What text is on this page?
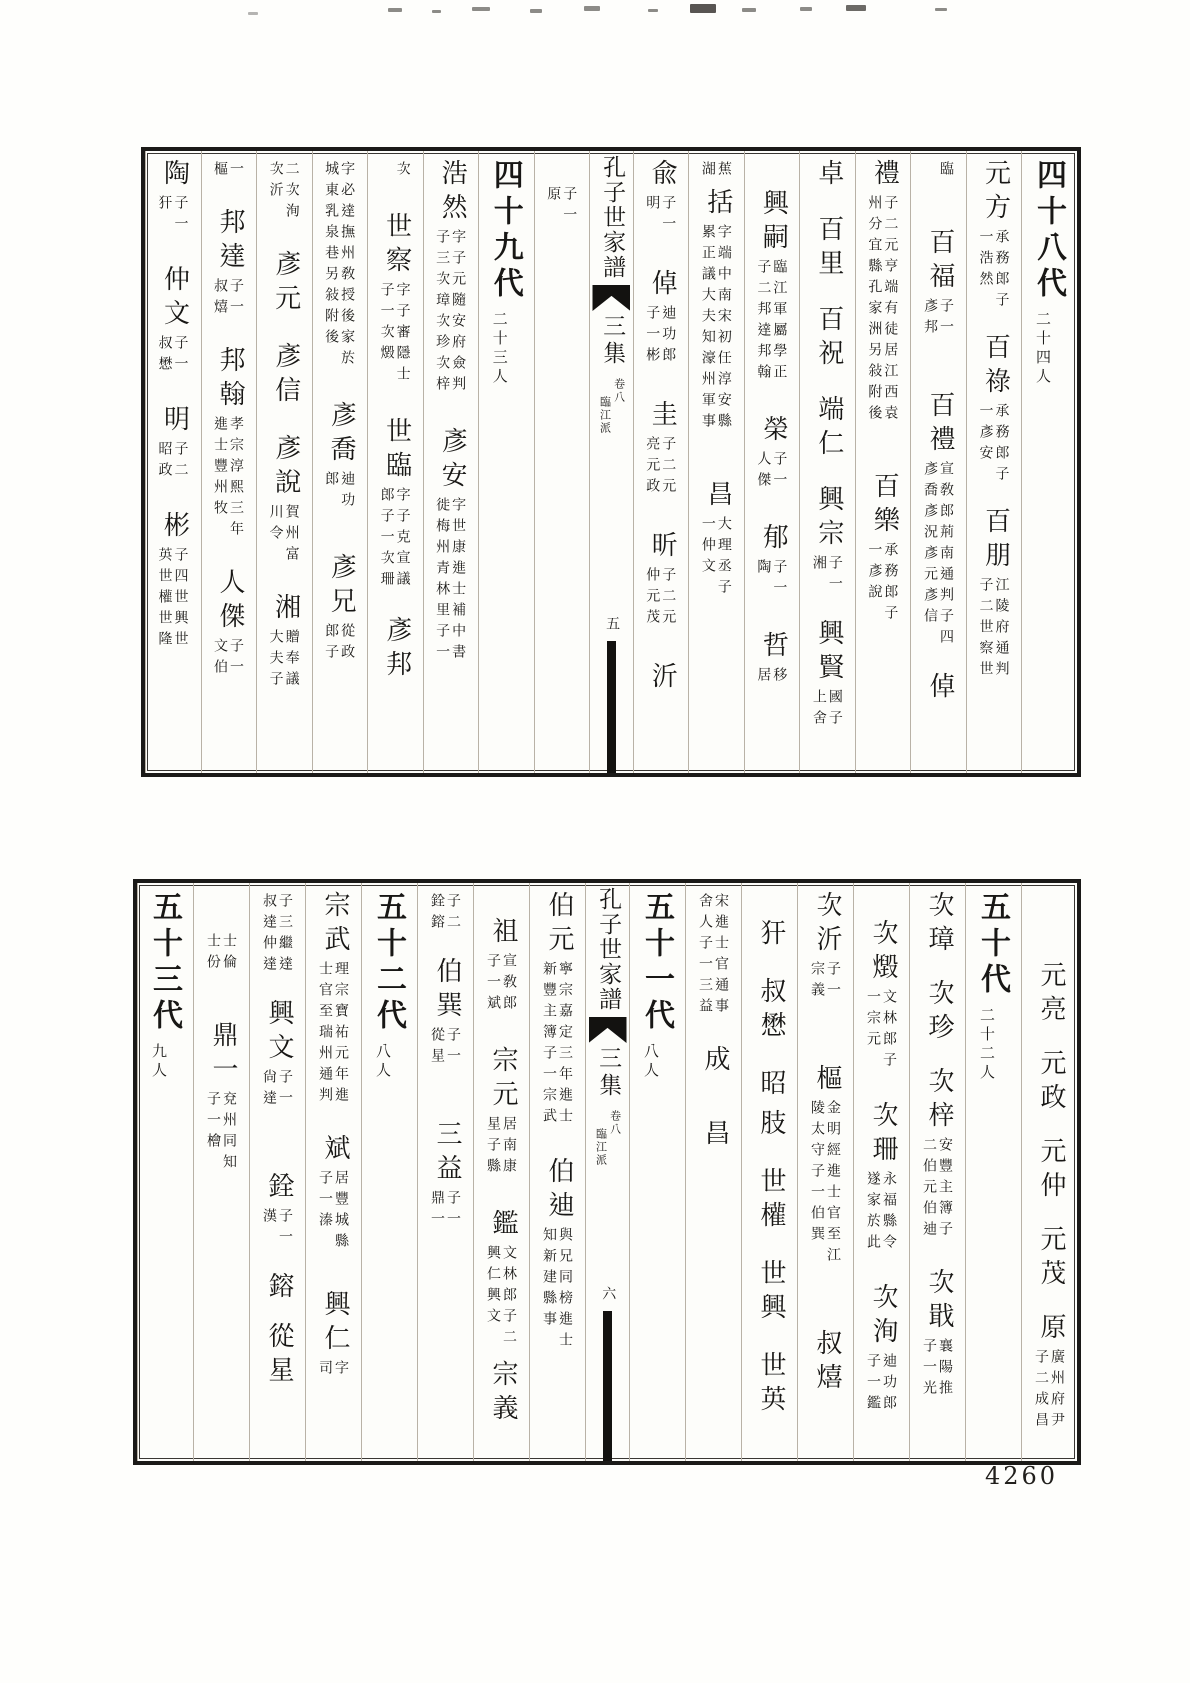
四十八代二十四人
元方承務郎子一浩然百祿承務郎子一彥安百朋江陵府通判子二世察世
臨百福子一彥邦百禮宣敎郎荊南通判子四彥喬彥況彥元彥信倬
禮子二元亨端有徒居江西袁州分宜縣孔家洲另敍附後百樂承務郎子一彥說
卓百里百祝端仁興宗子一湘興賢國子上舍
興嗣臨江軍屬學正子二邦達邦翰榮子一人傑郁子一陶哲移居
蕉湖括字端中南宋初任淳安縣累正議大夫知濠州軍事昌大理丞子一仲文
兪子一明倬迪功郎子一彬圭子二元亮元政昕子二元仲元茂沂
孔子世家譜
三集
卷八
臨江派
五
子一原
四十九代二十三人
浩然字子元隨安府僉判子三次璋次珍次梓彥安字世康進士補中書徙梅州青林里子一
次世察字子審隱士子一次燬世臨字子克宣議郎子一次珊彥邦
字必達撫州敎授後家於城東乳泉巷另敍附後彥喬迪功郎彥兄從政郎子
二次洵次沂彥元彥信彥說賀州富川令湘贈奉議大夫子
一樞邦達子一叔熺邦翰孝宗淳熙三年進士豐州牧人傑子一文伯
陶子一犴仲文子一叔懋明子二昭政彬子四世興世英世權世隆
元亮元政元仲元茂原廣州府尹子二成昌
五十代二十二人
次璋次珍次梓安豐主簿子二伯元伯迪次戢襄陽推子一光
次燬文林郎子一宗元次珊永福縣令遂家於此次洵迪功郎子一鑑
次沂子一宗義樞金明經進士官至江陵太守子一伯巽叔熺
犴叔懋昭肢世權世興世英
宋進士官通事舍人子一三益成昌
五十一代八人
孔子世家譜
三集
卷八
臨江派
六
伯元寧宗嘉定三年進士新豐主簿子一宗武伯迪與兄同榜進士知新建縣事
祖宣敎郎子一斌宗元居南康星子縣鑑文林郎子二興仁興文宗義
子二銓鎔伯巽子一從星三益子一鼎一
五十二代八人
宗武理宗寶祐元年進士官至瑞州通判斌居豐城縣子一溱興仁字司
子三繼達叔達仲達興文子一尙達銓子一漢鎔從星
士倫士份鼎一兗州同知子一檜
五十三代九人
4260
